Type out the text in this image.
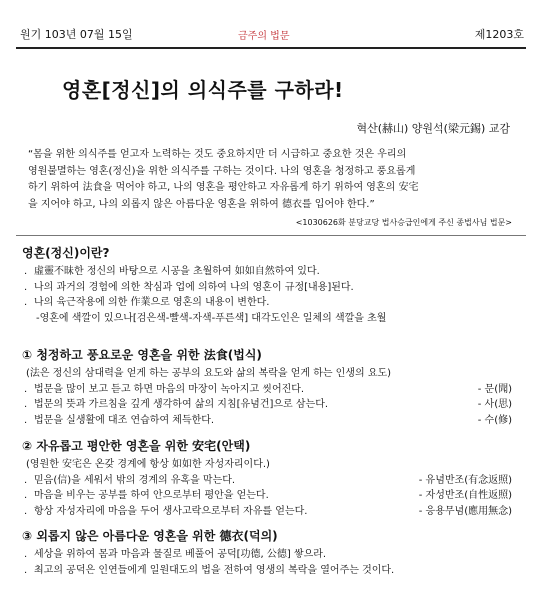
원기 103년 07월 15일	금주의 법문	제1203호
영혼[정신]의 의식주를 구하라!
혁산(赫山) 양원석(梁元錫) 교감
“몸을 위한 의식주를 얻고자 노력하는 것도 중요하지만 더 시급하고 중요한 것은 우리의
영원불멸하는 영혼(정신)을 위한 의식주를 구하는 것이다. 나의 영혼을 청정하고 풍요롭게
하기 위하여 法食을 먹어야 하고, 나의 영혼을 평안하고 자유롭게 하기 위하여 영혼의 安宅
을 지어야 하고, 나의 외롭지 않은 아름다운 영혼을 위하여 德衣를 입어야 한다.”
<1030626화 분당교당 법사승급인에게 주신 종법사님 법문>
영혼(정신)이란?
. 虛靈不昧한 정신의 바탕으로 시공을 초월하여 如如自然하여 있다.
. 나의 과거의 경험에 의한 착심과 업에 의하여 나의 영혼이 규정[내용]된다.
. 나의 육근작용에 의한 作業으로 영혼의 내용이 변한다.
-영혼에 색깔이 있으나[검은색-빨색-자색-푸른색] 대각도인은 일체의 색깔을 초월
① 청정하고 풍요로운 영혼을 위한 法食(법식)
(法은 정신의 삼대력을 얻게 하는 공부의 요도와 삶의 복락을 얻게 하는 인생의 요도)
. 법문을 많이 보고 듣고 하면 마음의 마장이 녹아지고 씻어진다.	- 문(聞)
. 법문의 뜻과 가르침을 깊게 생각하여 삶의 지침[유념건]으로 삼는다.	- 사(思)
. 법문을 실생활에 대조 연습하여 체득한다.	- 수(修)
② 자유롭고 평안한 영혼을 위한 安宅(안택)
(영원한 安宅은 온갖 경계에 항상 如如한 자성자리이다.)
. 믿음(信)을 세워서 밖의 경계의 유혹을 막는다.	- 유념반조(有念返照)
. 마음을 비우는 공부를 하여 안으로부터 평안을 얻는다.	- 자성반조(自性返照)
. 항상 자성자리에 마음을 두어 생사고락으로부터 자유를 얻는다.	- 응용무념(應用無念)
③ 외롭지 않은 아름다운 영혼을 위한 德衣(덕의)
. 세상을 위하여 몸과 마음과 물질로 베풀어 공덕[功德, 公德] 쌓으라.
. 최고의 공덕은 인연들에게 일원대도의 법을 전하여 영생의 복락을 열어주는 것이다.
